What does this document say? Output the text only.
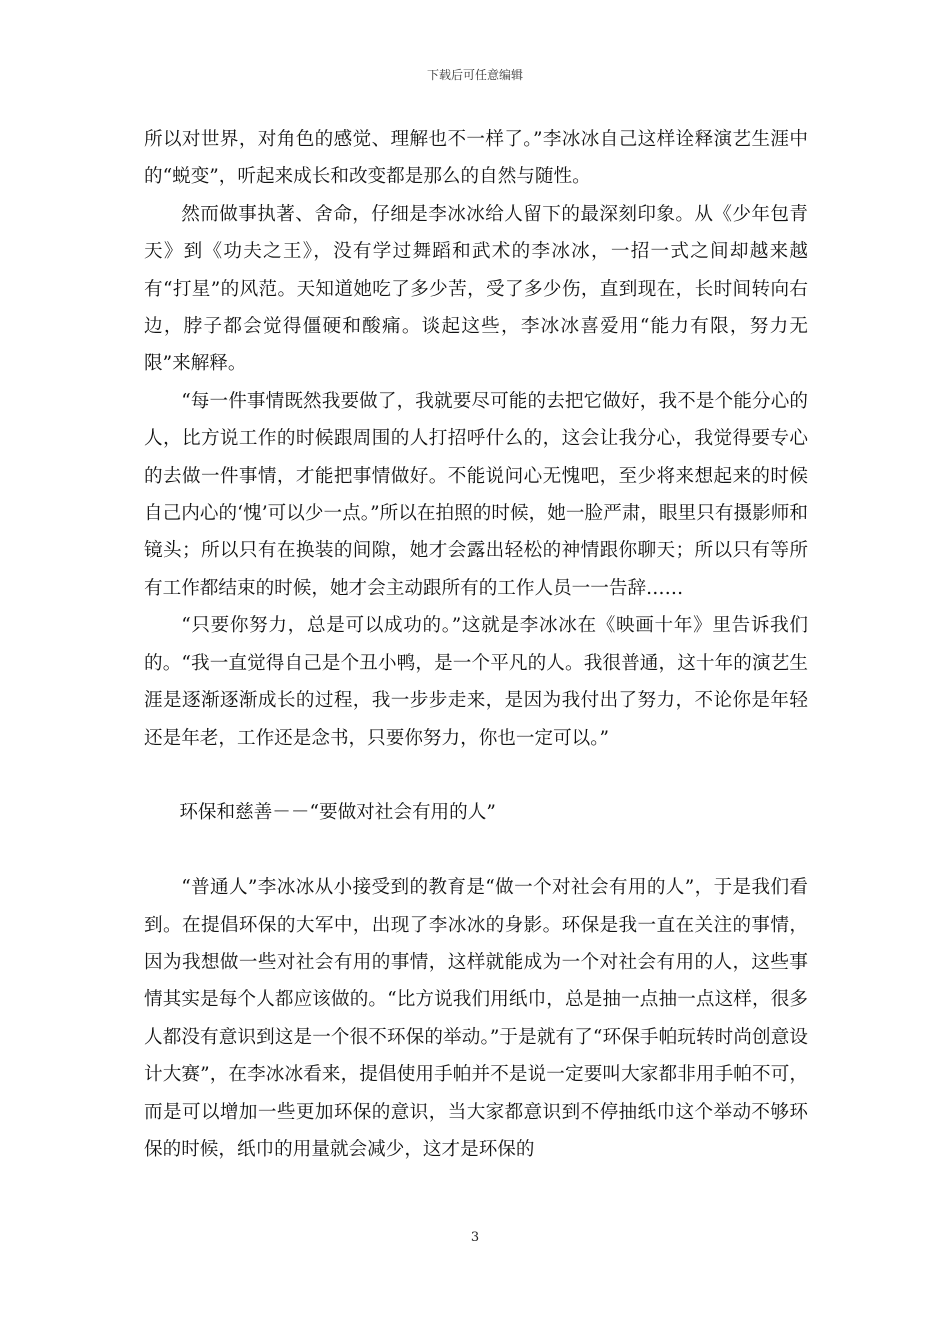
下载后可任意编辑

所以对世界，对角色的感觉、理解也不一样了。”李冰冰自己这样诠释演艺生涯中的“蜕变”，听起来成长和改变都是那么的自然与随性。

然而做事执著、舍命，仔细是李冰冰给人留下的最深刻印象。从《少年包青天》到《功夫之王》，没有学过舞蹈和武术的李冰冰，一招一式之间却越来越有“打星”的风范。天知道她吃了多少苦，受了多少伤，直到现在，长时间转向右边，脖子都会觉得僵硬和酸痛。谈起这些，李冰冰喜爱用“能力有限，努力无限”来解释。

“每一件事情既然我要做了，我就要尽可能的去把它做好，我不是个能分心的人，比方说工作的时候跟周围的人打招呼什么的，这会让我分心，我觉得要专心的去做一件事情，才能把事情做好。不能说问心无愧吧，至少将来想起来的时候自己内心的‘愧’可以少一点。”所以在拍照的时候，她一脸严肃，眼里只有摄影师和镜头；所以只有在换装的间隙，她才会露出轻松的神情跟你聊天；所以只有等所有工作都结束的时候，她才会主动跟所有的工作人员一一告辞……

“只要你努力，总是可以成功的。”这就是李冰冰在《映画十年》里告诉我们的。“我一直觉得自己是个丑小鸭，是一个平凡的人。我很普通，这十年的演艺生涯是逐渐逐渐成长的过程，我一步步走来，是因为我付出了努力，不论你是年轻还是年老，工作还是念书，只要你努力，你也一定可以。”

环保和慈善－－“要做对社会有用的人”

“普通人”李冰冰从小接受到的教育是“做一个对社会有用的人”，于是我们看到。在提倡环保的大军中，出现了李冰冰的身影。环保是我一直在关注的事情，因为我想做一些对社会有用的事情，这样就能成为一个对社会有用的人，这些事情其实是每个人都应该做的。“比方说我们用纸巾，总是抽一点抽一点这样，很多人都没有意识到这是一个很不环保的举动。”于是就有了“环保手帕玩转时尚创意设计大赛”，在李冰冰看来，提倡使用手帕并不是说一定要叫大家都非用手帕不可，而是可以增加一些更加环保的意识，当大家都意识到不停抽纸巾这个举动不够环保的时候，纸巾的用量就会减少，这才是环保的

3
